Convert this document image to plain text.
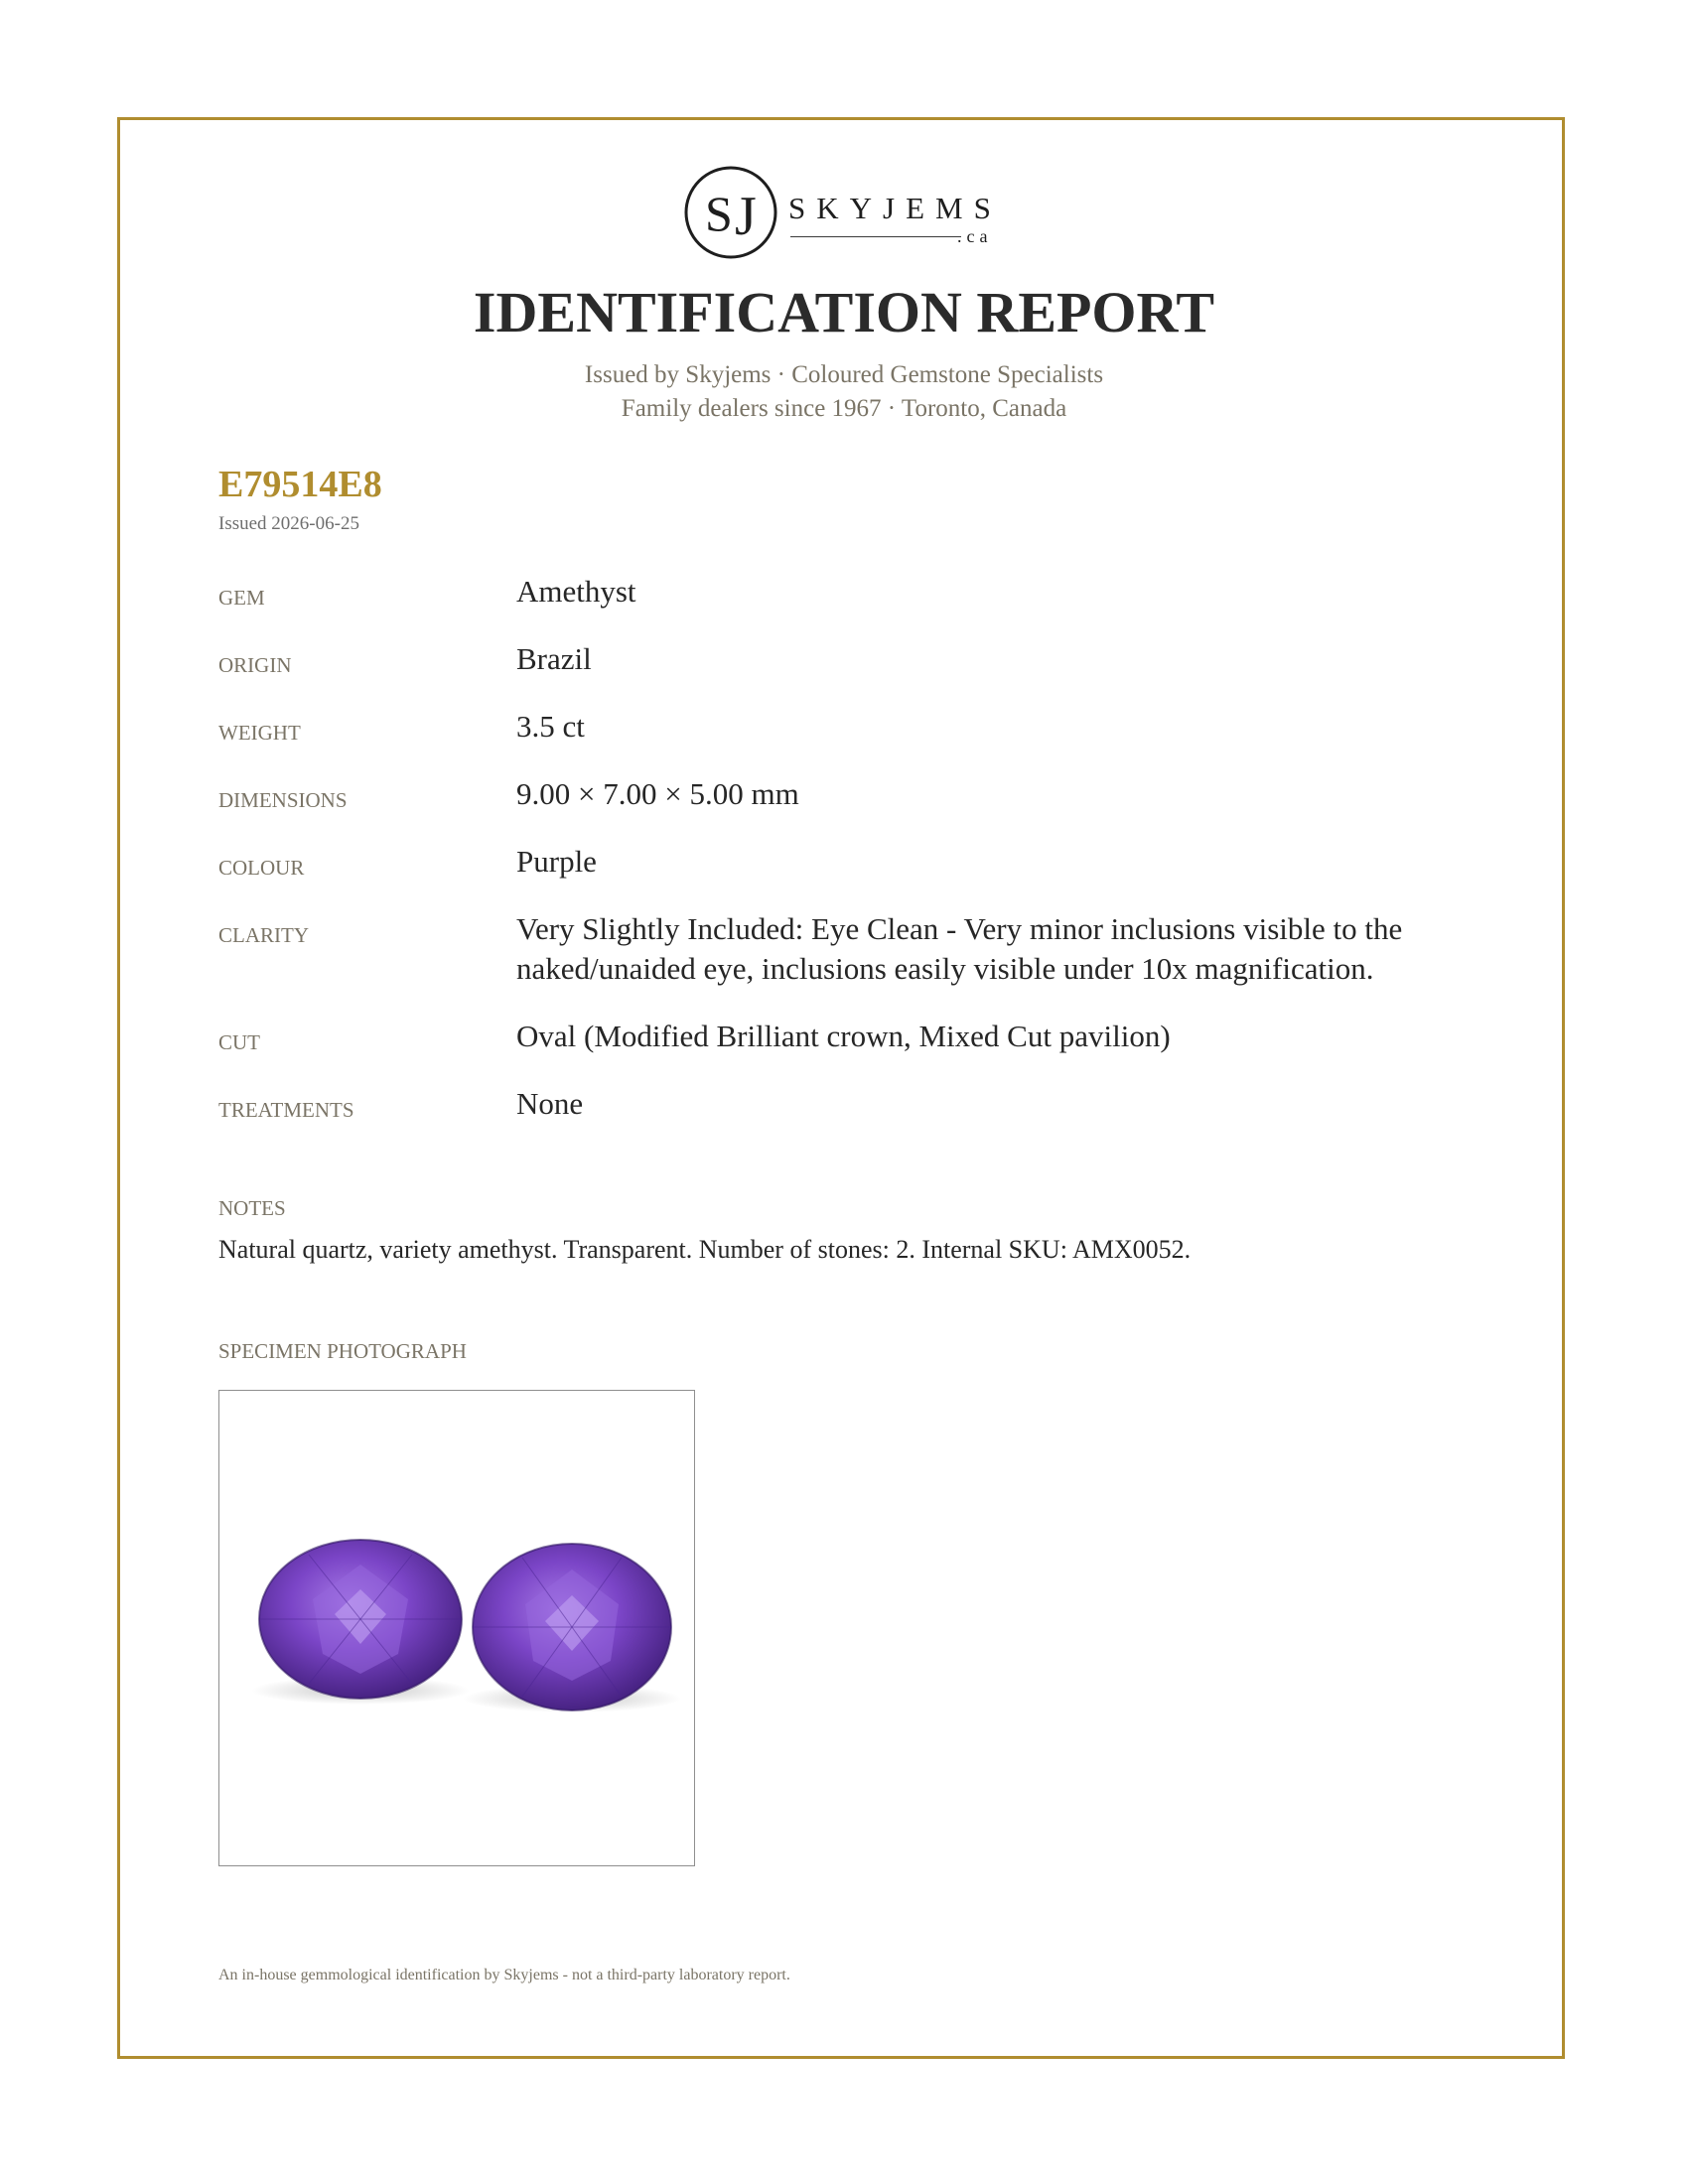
S J SKYJEMS
.ca
IDENTIFICATION REPORT
Issued by Skyjems · Coloured Gemstone Specialists
Family dealers since 1967 · Toronto, Canada
E79514E8
Issued 2026-06-25
GEM	Amethyst
ORIGIN	Brazil
WEIGHT	3.5 ct
DIMENSIONS	9.00 × 7.00 × 5.00 mm
COLOUR	Purple
CLARITY	Very Slightly Included: Eye Clean - Very minor inclusions visible to the naked/unaided eye, inclusions easily visible under 10x magnification.
CUT	Oval (Modified Brilliant crown, Mixed Cut pavilion)
TREATMENTS	None
NOTES
Natural quartz, variety amethyst. Transparent. Number of stones: 2. Internal SKU: AMX0052.
SPECIMEN PHOTOGRAPH
An in-house gemmological identification by Skyjems - not a third-party laboratory report.
